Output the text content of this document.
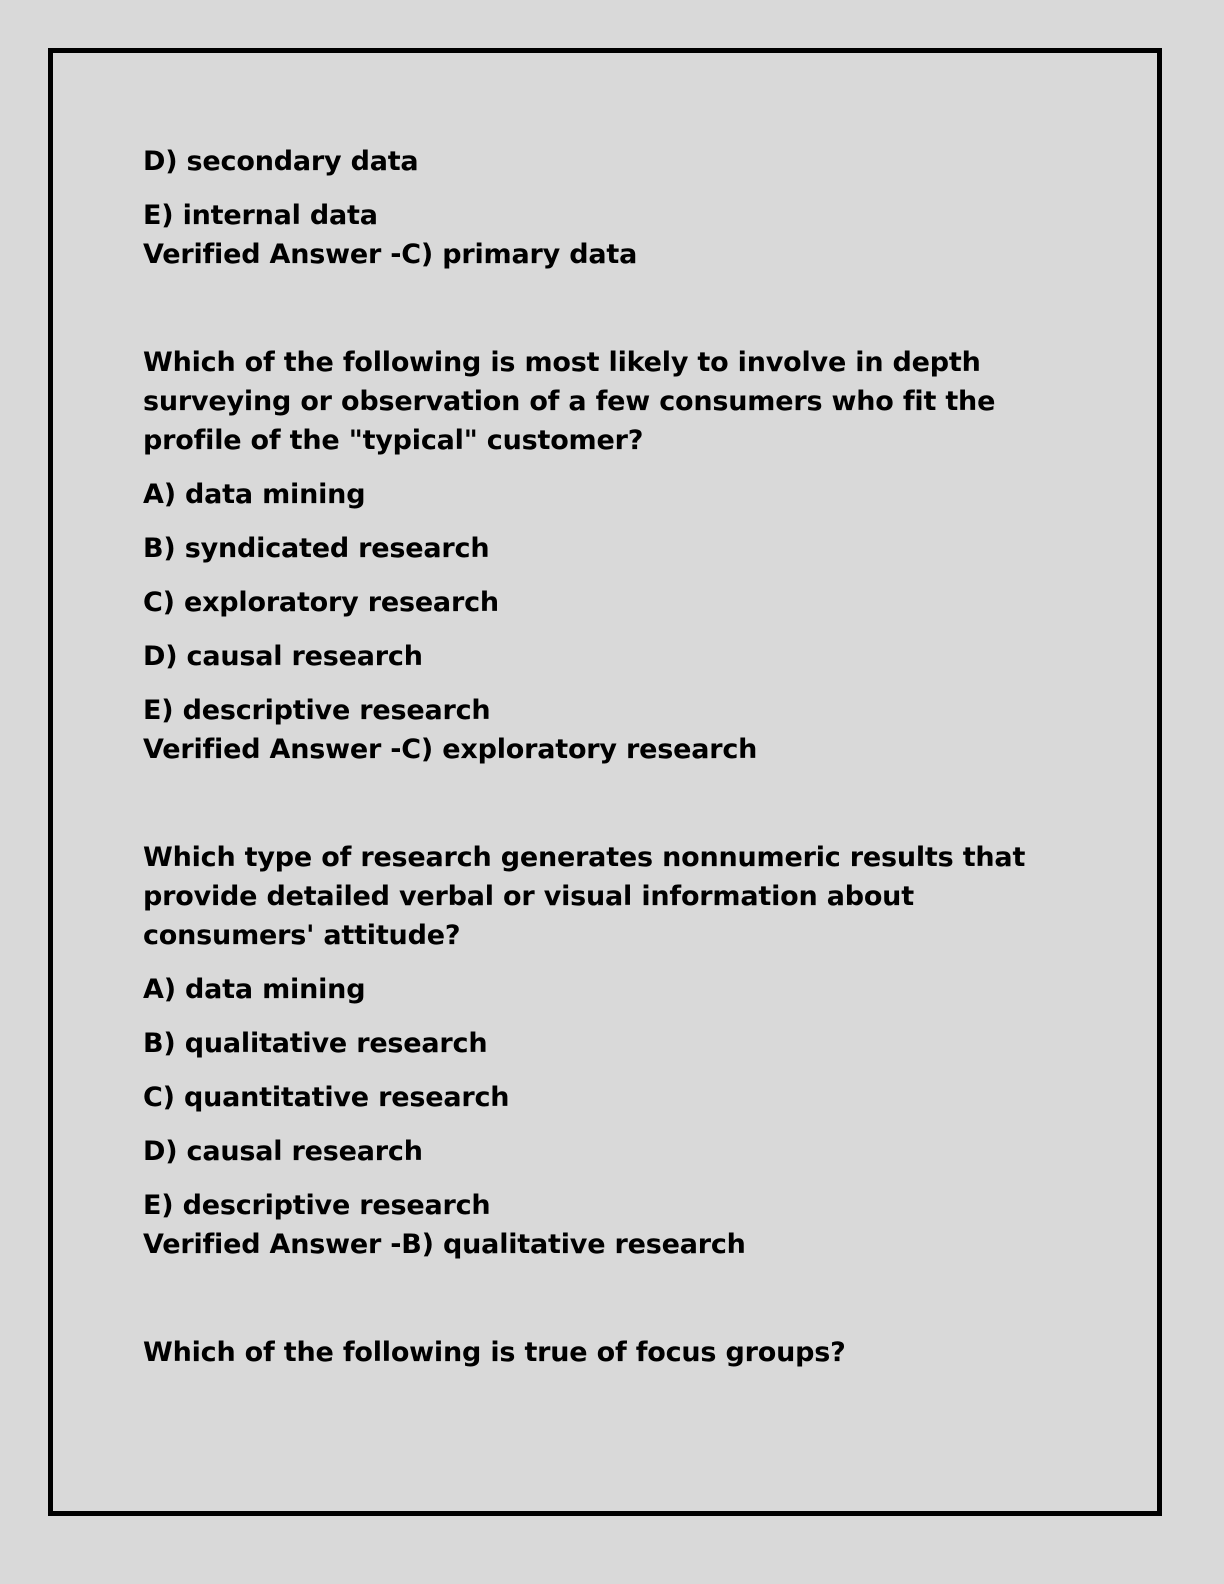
D) secondary data

E) internal data

Verified Answer -C) primary data

Which of the following is most likely to involve in depth

surveying or observation of a few consumers who fit the

profile of the "typical" customer?

A) data mining

B) syndicated research

C) exploratory research

D) causal research

E) descriptive research

Verified Answer -C) exploratory research

Which type of research generates nonnumeric results that

provide detailed verbal or visual information about

consumers' attitude?

A) data mining

B) qualitative research

C) quantitative research

D) causal research

E) descriptive research

Verified Answer -B) qualitative research

Which of the following is true of focus groups?
